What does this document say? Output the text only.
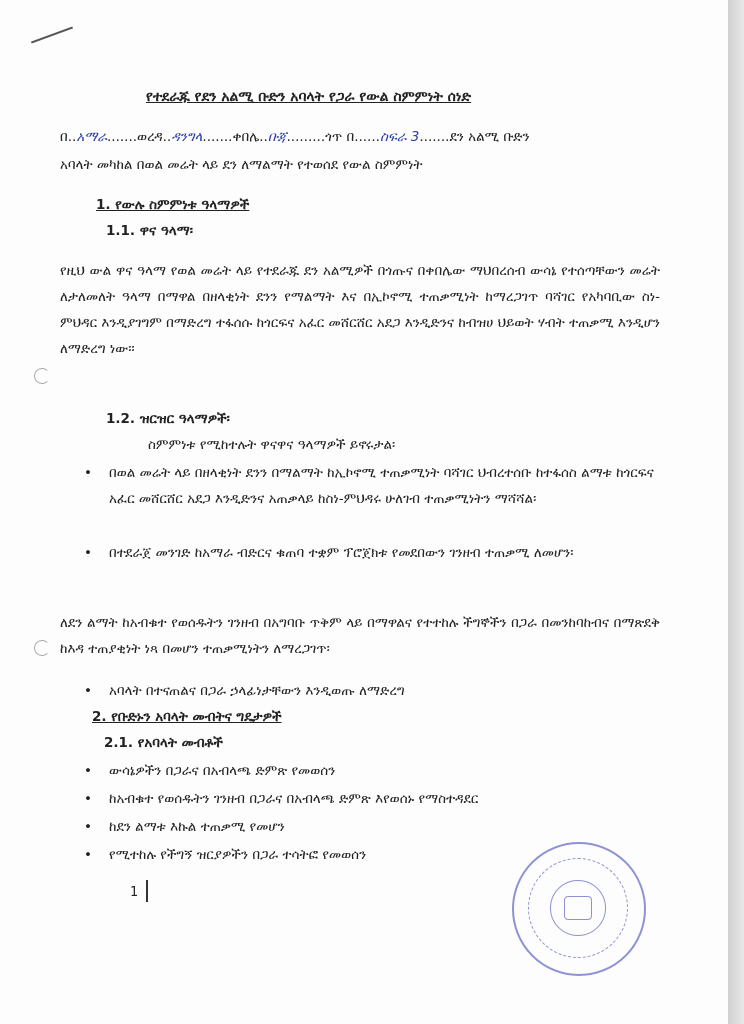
የተደራጁ የደን አልሚ ቡድን አባላት የጋራ የውል ስምምነት ሰነድ
በ..አማራ.......ወረዳ..ዳንግላ.......ቀበሌ..ቡጃ.........ጎጥ በ......ስፍራ 3.......ደን አልሚ ቡድን
አባላት መካከል በወል መሬት ላይ ደን ለማልማት የተወሰደ የውል ስምምነት
1. የውሉ ስምምነቱ ዓላማዎች
1.1. ዋና ዓላማ፡
የዚህ ውል ዋና ዓላማ የወል መሬት ላይ የተደራጁ ደን አልሚዎች በጎጡና በቀበሌው ማህበረሰብ ውሳኔ የተሰጣቸውን መሬት ለታለመለት ዓላማ በማዋል በዘላቂነት ደንን የማልማት እና በኢኮኖሚ ተጠቃሚነት ከማረጋገጥ ባሻገር የአካባቢው ስነ-ምህዳር እንዲያገግም በማድረግ ተፋሰሱ ከጎርፍና አፈር መሸርሸር አደጋ እንዲድንና ከብዝሀ ህይወት ሃብት ተጠቃሚ እንዲሆን ለማድረግ ነው፡፡
1.2. ዝርዝር ዓላማዎች፡
ስምምነቱ የሚከተሉት ዋናዋና ዓላማዎች ይኖሩታል፡
• በወል መሬት ላይ በዘላቂነት ደንን በማልማት ከኢኮኖሚ ተጠቃሚነት ባሻገር ህብረተሰቡ ከተፋሰስ ልማቱ ከጎርፍና አፈር መሸርሸር አደጋ እንዲድንና አጠቃላይ ከስነ-ምህዳሩ ሁለገብ ተጠቃሚነትን ማሻሻል፡
• በተደራጀ መንገድ ከአማራ ብድርና ቁጠባ ተቋም ፕሮጀክቱ የመደበውን ገንዘብ ተጠቃሚ ለመሆን፡
ለደን ልማት ከአብቁተ የወሰዱትን ገንዘብ በአግባቡ ጥቅም ላይ በማዋልና የተተከሉ ችግኞችን በጋራ በመንከባከብና በማጽደቅ ከእዳ ተጠያቂነት ነጻ በመሆን ተጠቃሚነትን ለማረጋገጥ፡
• አባላት በተናጠልና በጋራ ኃላፊነታቸውን እንዲወጡ ለማድረግ
2. የቡድኑን አባላት መብትና ግዴታዎች
2.1. የአባላት መብቶች
• ውሳኔዎችን በጋራና በአብላጫ ድምጽ የመወሰን
• ከአብቁተ የወሰዱትን ገንዘብ በጋራና በአብላጫ ድምጽ እየወሰኑ የማስተዳደር
• ከደን ልማቱ እኩል ተጠቃሚ የመሆን
• የሚተከሉ የችግኝ ዝርያዎችን በጋራ ተሳትፎ የመወሰን
1
